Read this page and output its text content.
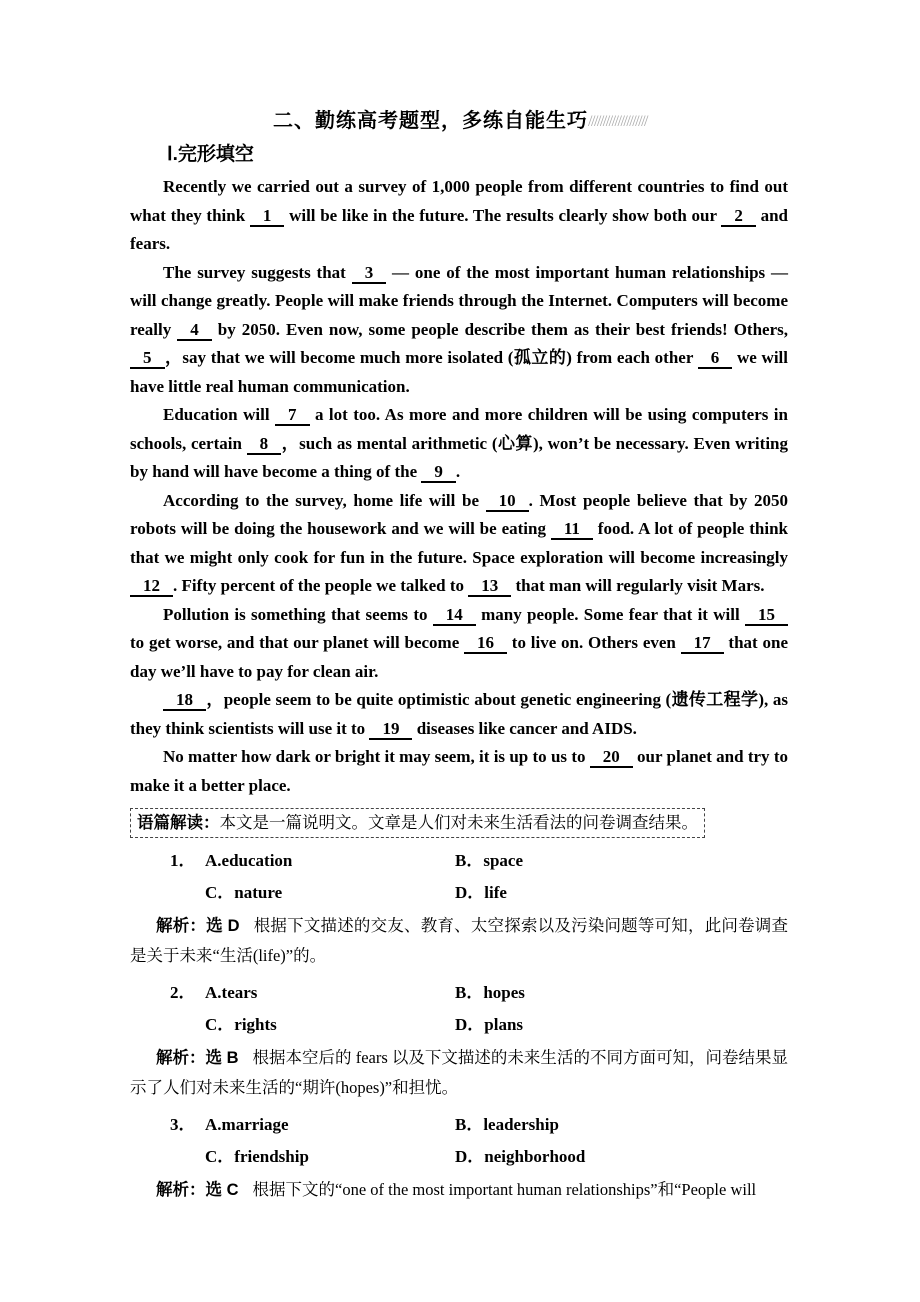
二、勤练高考题型，多练自能生巧////////////////////
Ⅰ.完形填空

Recently we carried out a survey of 1,000 people from different countries to find out what they think 1 will be like in the future. The results clearly show both our 2 and fears.

The survey suggests that 3 — one of the most important human relationships — will change greatly. People will make friends through the Internet. Computers will become really 4 by 2050. Even now, some people describe them as their best friends! Others, 5 ，say that we will become much more isolated (孤立的) from each other 6 we will have little real human communication.

Education will 7 a lot too. As more and more children will be using computers in schools, certain 8 ，such as mental arithmetic (心算), won’t be necessary. Even writing by hand will have become a thing of the 9 .

According to the survey, home life will be 10 . Most people believe that by 2050 robots will be doing the housework and we will be eating 11 food. A lot of people think that we might only cook for fun in the future. Space exploration will become increasingly 12 . Fifty percent of the people we talked to 13 that man will regularly visit Mars.

Pollution is something that seems to 14 many people. Some fear that it will 15 to get worse, and that our planet will become 16 to live on. Others even 17 that one day we’ll have to pay for clean air.

18 ，people seem to be quite optimistic about genetic engineering (遗传工程学), as they think scientists will use it to 19 diseases like cancer and AIDS.

No matter how dark or bright it may seem, it is up to us to 20 our planet and try to make it a better place.

语篇解读：本文是一篇说明文。文章是人们对未来生活看法的问卷调查结果。
1． A.education	B．space
C．nature	D．life

解析：选 D 根据下文描述的交友、教育、太空探索以及污染问题等可知，此问卷调查是关于未来“生活(life)”的。

2． A.tears	B．hopes
C．rights	D．plans

解析：选 B 根据本空后的 fears 以及下文描述的未来生活的不同方面可知，问卷结果显示了人们对未来生活的“期许(hopes)”和担忧。

3． A.marriage	B．leadership
C．friendship	D．neighborhood

解析：选 C 根据下文的“one of the most important human relationships”和“People will
